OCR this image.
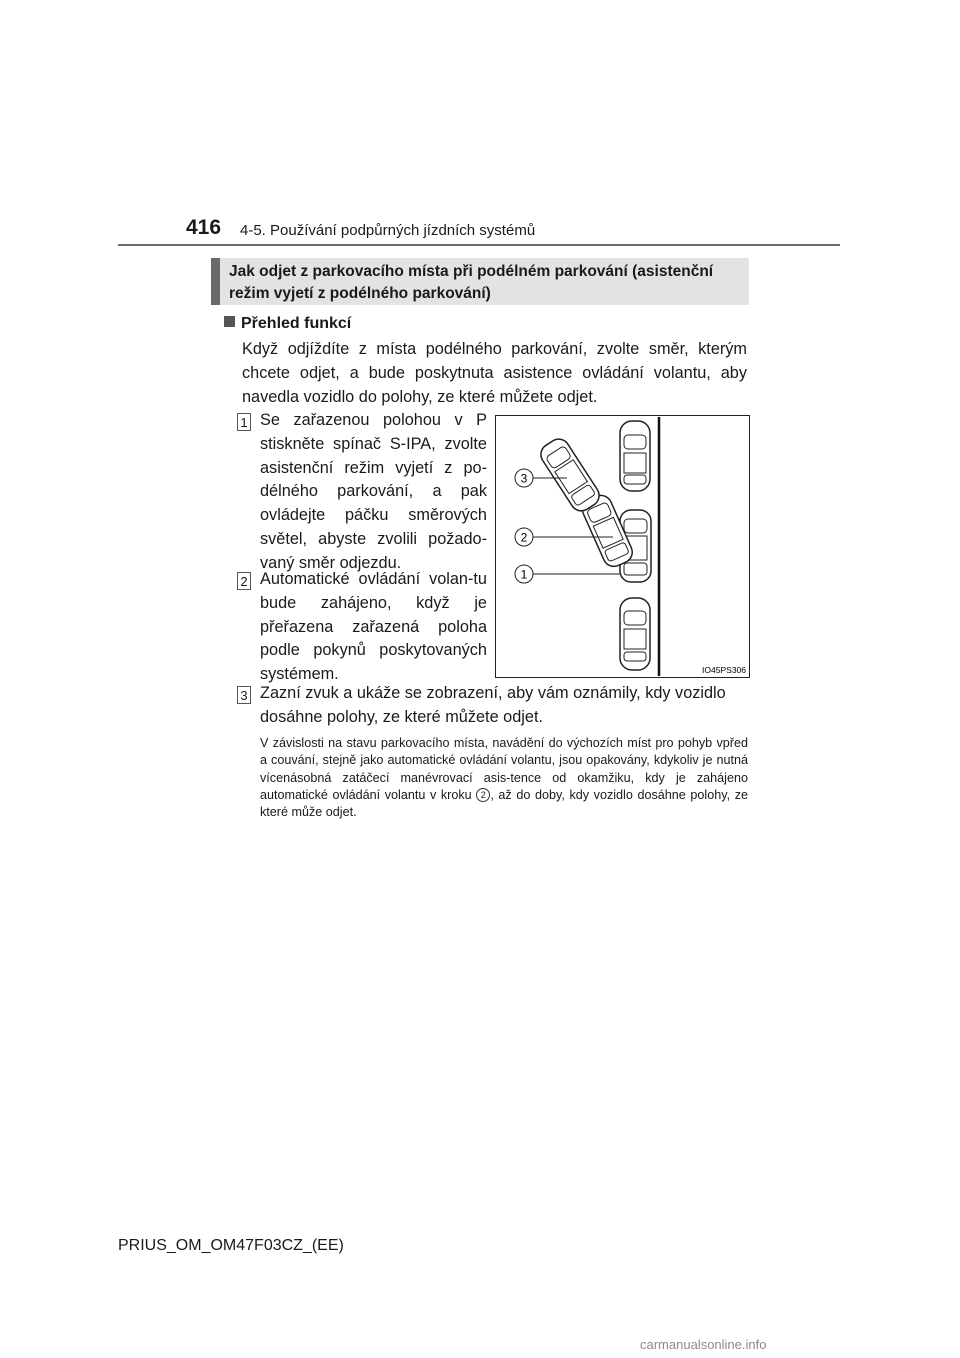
416 4-5. Používání podpůrných jízdních systémů
Jak odjet z parkovacího místa při podélném parkování (asistenční
režim vyjetí z podélného parkování)
Přehled funkcí
Když odjíždíte z místa podélného parkování, zvolte směr, kterým chcete odjet, a bude poskytnuta asistence ovládání volantu, aby navedla vozidlo do polohy, ze které můžete odjet.
1 Se zařazenou polohou v P stiskněte spínač S-IPA, zvolte asistenční režim vyjetí z po-délného parkování, a pak ovládejte páčku směrových světel, abyste zvolili požado-vaný směr odjezdu.
2 Automatické ovládání volan-tu bude zahájeno, když je přeřazena zařazená poloha podle pokynů poskytovaných systémem.
3 Zazní zvuk a ukáže se zobrazení, aby vám oznámily, kdy vozidlo dosáhne polohy, ze které můžete odjet.
V závislosti na stavu parkovacího místa, navádění do výchozích míst pro pohyb vpřed a couvání, stejně jako automatické ovládání volantu, jsou opakovány, kdykoliv je nutná vícenásobná zatáčecí manévrovací asis-tence od okamžiku, kdy je zahájeno automatické ovládání volantu v kroku 2 , až do doby, kdy vozidlo dosáhne polohy, ze které může odjet.
3
2
1
IO45PS306
PRIUS_OM_OM47F03CZ_(EE)
carmanualsonline.info
